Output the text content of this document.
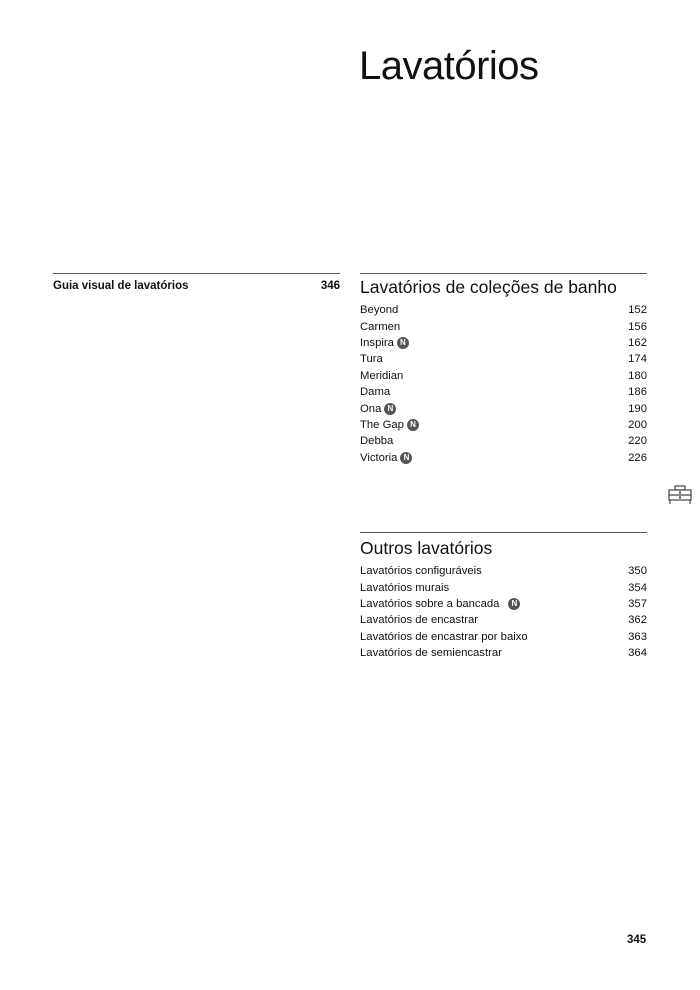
Lavatórios
Guia visual de lavatórios	346 Lavatórios de coleções de banho
Beyond	152
Carmen	156
Inspira N	162
Tura	174
Meridian	180
Dama	186
Ona N	190
The Gap N	200
Debba	220
Victoria N	226
Outros lavatórios
Lavatórios configuráveis	350
Lavatórios murais	354
Lavatórios sobre a bancada	N	357
Lavatórios de encastrar	362
Lavatórios de encastrar por baixo	363
Lavatórios de semiencastrar	364
345
